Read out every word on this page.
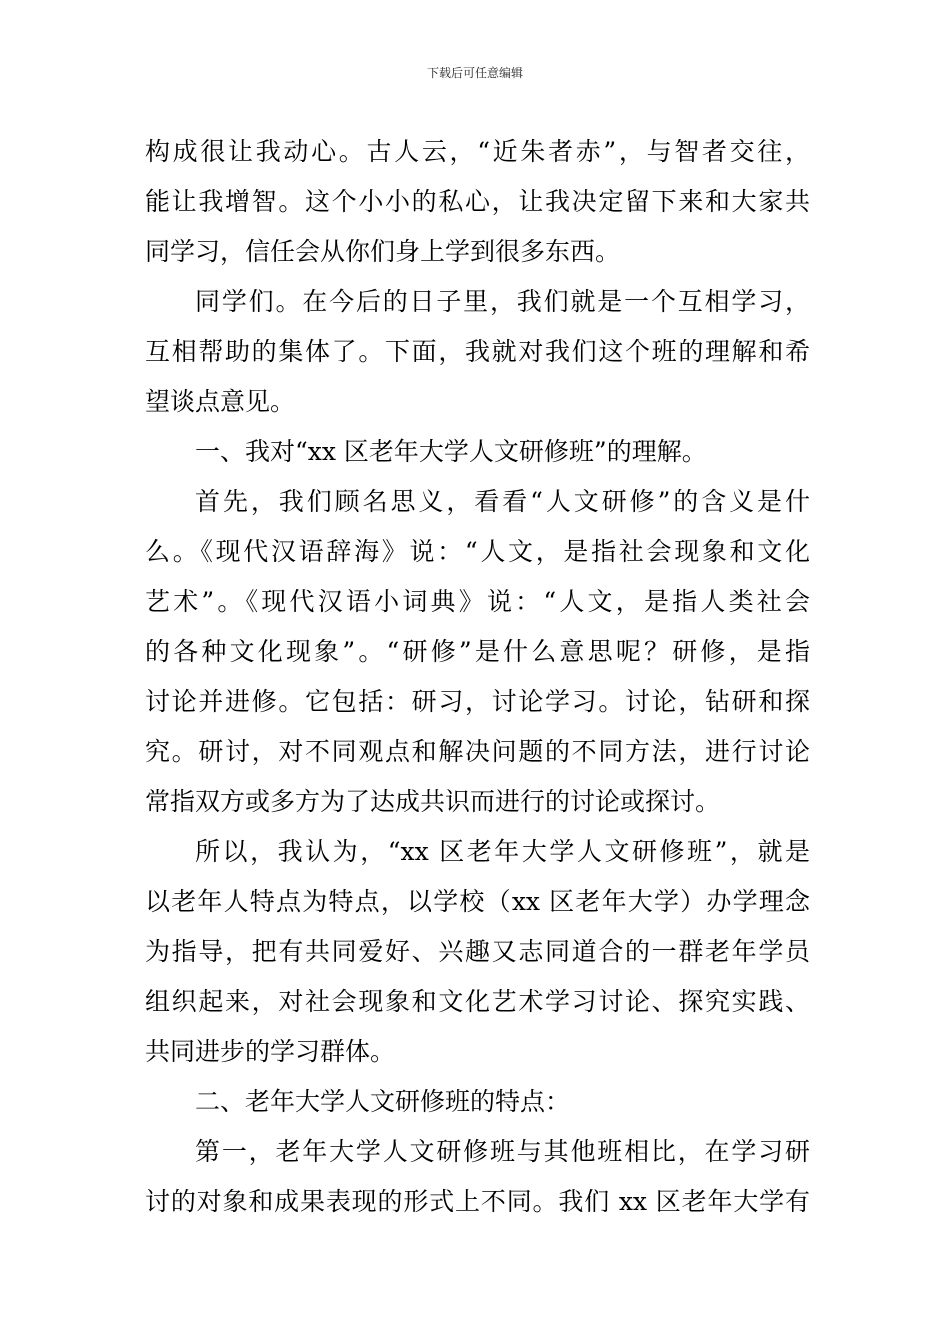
下载后可任意编辑
构成很让我动心。古人云，“近朱者赤”，与智者交往，
能让我增智。这个小小的私心，让我决定留下来和大家共
同学习，信任会从你们身上学到很多东西。
同学们。在今后的日子里，我们就是一个互相学习，
互相帮助的集体了。下面，我就对我们这个班的理解和希
望谈点意见。
一、我对“xx 区老年大学人文研修班”的理解。
首先，我们顾名思义，看看“人文研修”的含义是什
么。《现代汉语辞海》说：“人文，是指社会现象和文化
艺术”。《现代汉语小词典》说：“人文，是指人类社会
的各种文化现象”。“研修”是什么意思呢？研修，是指
讨论并进修。它包括：研习，讨论学习。讨论，钻研和探
究。研讨，对不同观点和解决问题的不同方法，进行讨论
常指双方或多方为了达成共识而进行的讨论或探讨。
所以，我认为，“xx 区老年大学人文研修班”，就是
以老年人特点为特点，以学校（xx 区老年大学）办学理念
为指导，把有共同爱好、兴趣又志同道合的一群老年学员
组织起来，对社会现象和文化艺术学习讨论、探究实践、
共同进步的学习群体。
二、老年大学人文研修班的特点：
第一，老年大学人文研修班与其他班相比，在学习研
讨的对象和成果表现的形式上不同。我们 xx 区老年大学有
